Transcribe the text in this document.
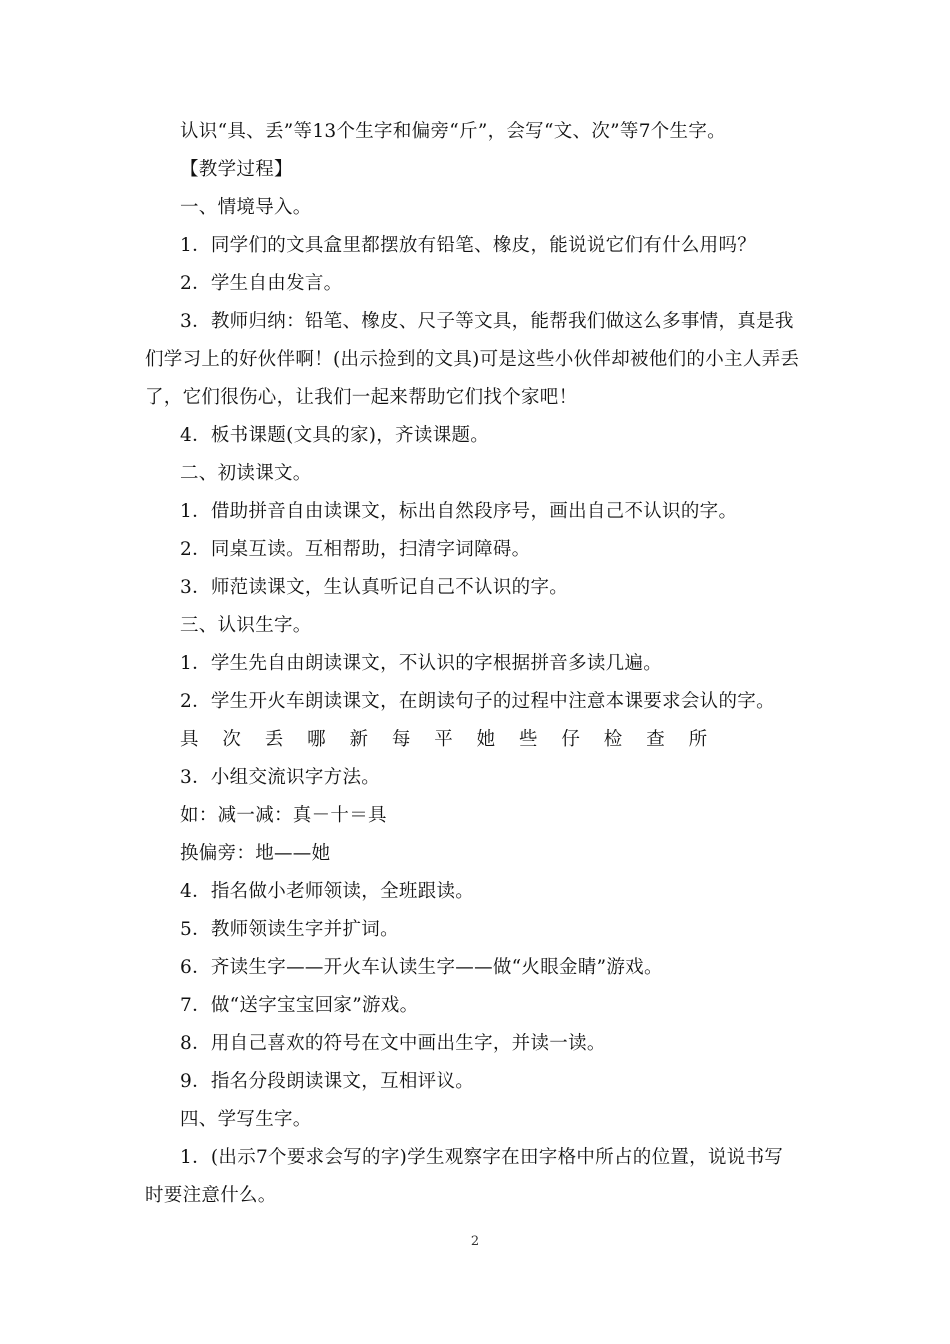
认识“具、丢”等13个生字和偏旁“斤”，会写“文、次”等7个生字。
【教学过程】
一、情境导入。
1．同学们的文具盒里都摆放有铅笔、橡皮，能说说它们有什么用吗？
2．学生自由发言。
3．教师归纳：铅笔、橡皮、尺子等文具，能帮我们做这么多事情，真是我
们学习上的好伙伴啊！(出示捡到的文具)可是这些小伙伴却被他们的小主人弄丢
了，它们很伤心，让我们一起来帮助它们找个家吧！
4．板书课题(文具的家)，齐读课题。
二、初读课文。
1．借助拼音自由读课文，标出自然段序号，画出自己不认识的字。
2．同桌互读。互相帮助，扫清字词障碍。
3．师范读课文，生认真听记自己不认识的字。
三、认识生字。
1．学生先自由朗读课文，不认识的字根据拼音多读几遍。
2．学生开火车朗读课文，在朗读句子的过程中注意本课要求会认的字。
具 次 丢 哪 新 每 平 她 些 仔 检 查 所
3．小组交流识字方法。
如：减一减：真－十＝具
换偏旁：地——她
4．指名做小老师领读，全班跟读。
5．教师领读生字并扩词。
6．齐读生字——开火车认读生字——做“火眼金睛”游戏。
7．做“送字宝宝回家”游戏。
8．用自己喜欢的符号在文中画出生字，并读一读。
9．指名分段朗读课文，互相评议。
四、学写生字。
1．(出示7个要求会写的字)学生观察字在田字格中所占的位置，说说书写
时要注意什么。
2
